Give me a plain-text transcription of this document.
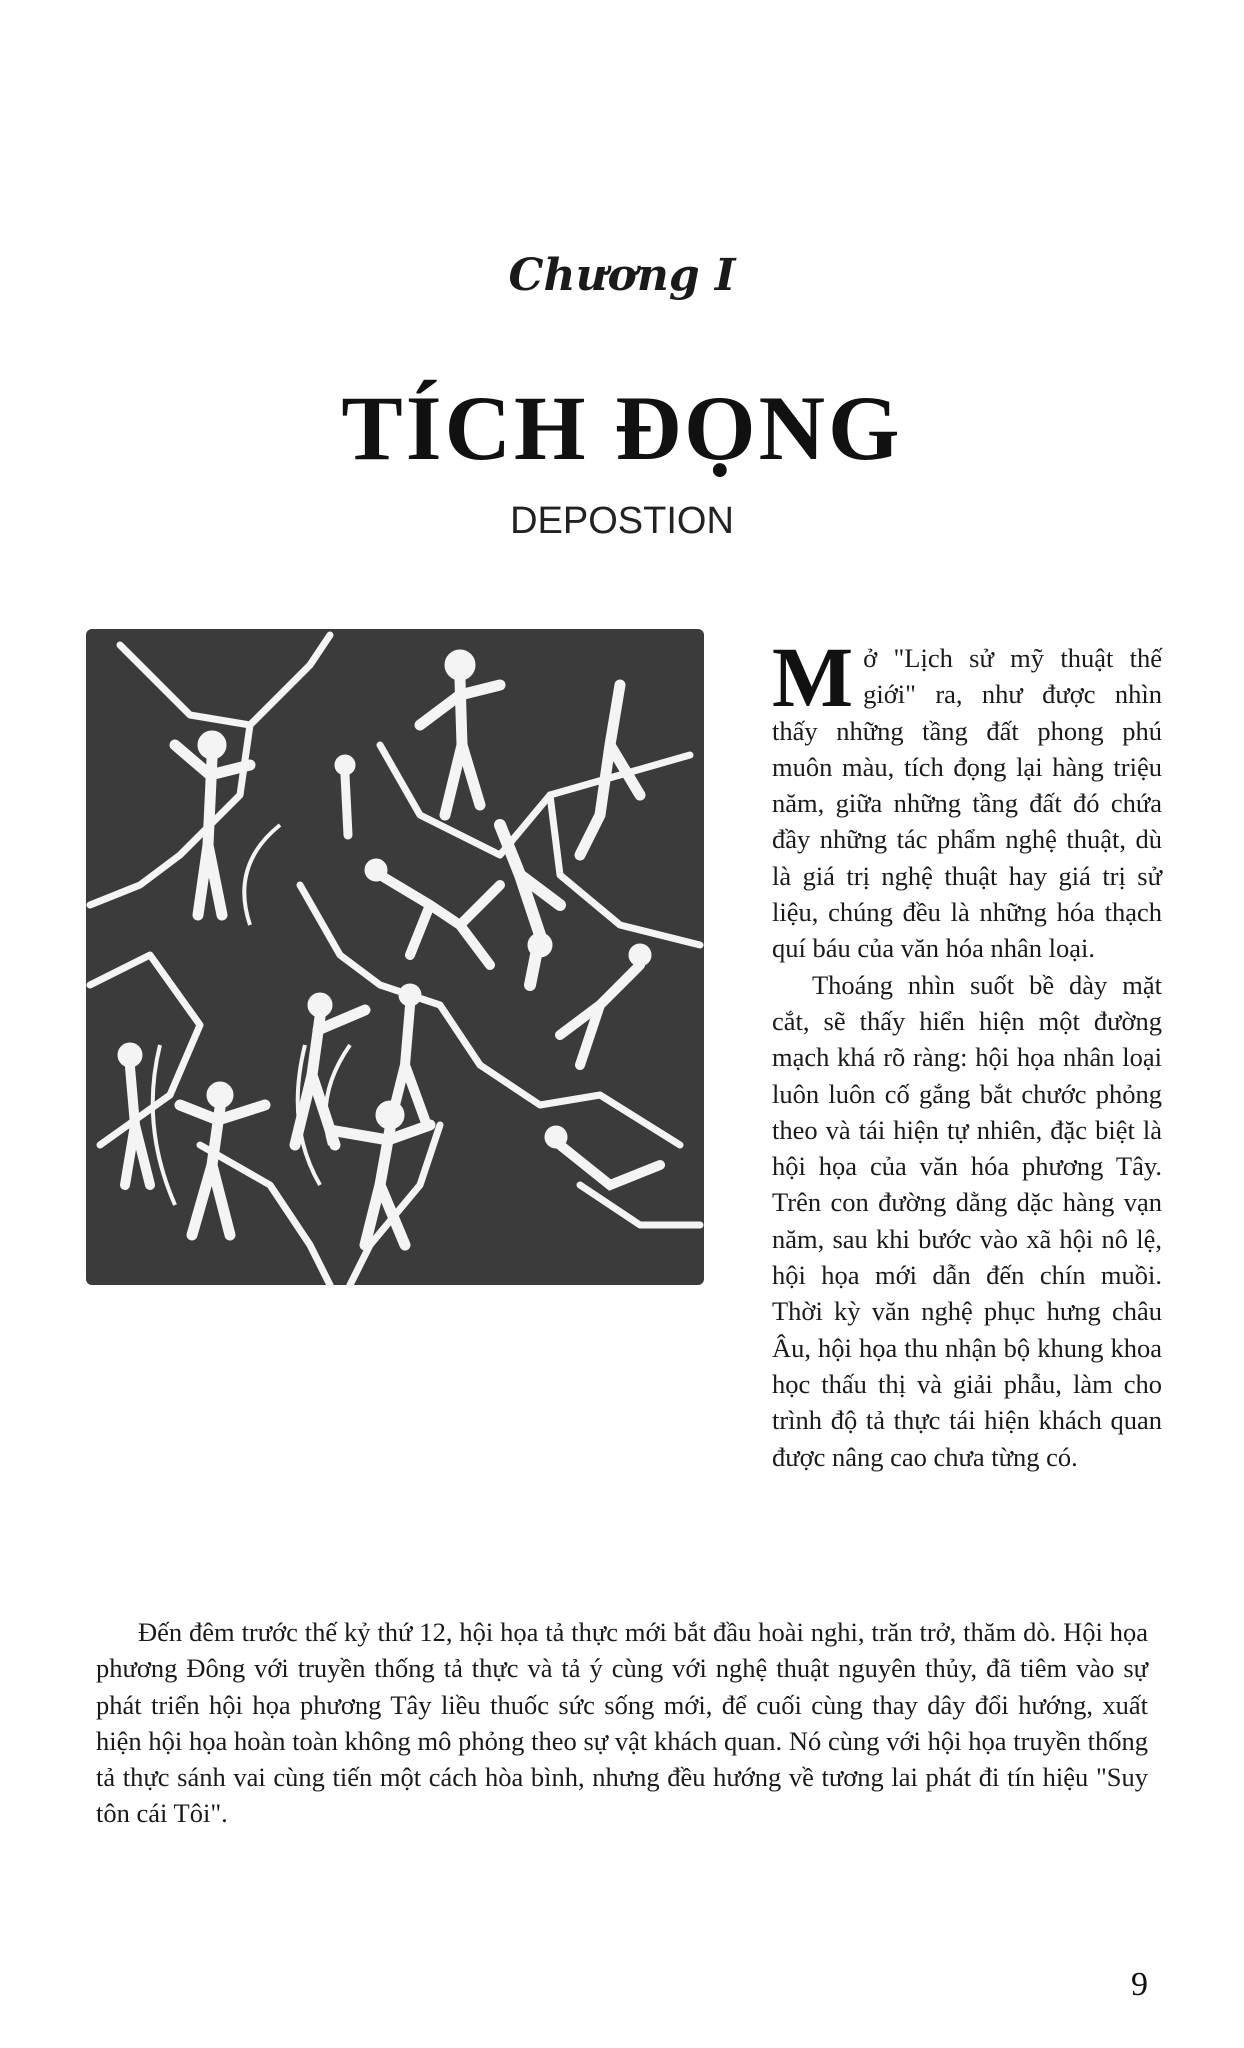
Chương I
TÍCH ĐỌNG
DEPOSTION

Mở "Lịch sử mỹ thuật thế giới" ra, như được nhìn thấy những tầng đất phong phú muôn màu, tích đọng lại hàng triệu năm, giữa những tầng đất đó chứa đầy những tác phẩm nghệ thuật, dù là giá trị nghệ thuật hay giá trị sử liệu, chúng đều là những hóa thạch quí báu của văn hóa nhân loại.

Thoáng nhìn suốt bề dày mặt cắt, sẽ thấy hiển hiện một đường mạch khá rõ ràng: hội họa nhân loại luôn luôn cố gắng bắt chước phỏng theo và tái hiện tự nhiên, đặc biệt là hội họa của văn hóa phương Tây. Trên con đường dằng dặc hàng vạn năm, sau khi bước vào xã hội nô lệ, hội họa mới dẫn đến chín muồi. Thời kỳ văn nghệ phục hưng châu Âu, hội họa thu nhận bộ khung khoa học thấu thị và giải phẫu, làm cho trình độ tả thực tái hiện khách quan được nâng cao chưa từng có.

Đến đêm trước thế kỷ thứ 12, hội họa tả thực mới bắt đầu hoài nghi, trăn trở, thăm dò. Hội họa phương Đông với truyền thống tả thực và tả ý cùng với nghệ thuật nguyên thủy, đã tiêm vào sự phát triển hội họa phương Tây liều thuốc sức sống mới, để cuối cùng thay dây đổi hướng, xuất hiện hội họa hoàn toàn không mô phỏng theo sự vật khách quan. Nó cùng với hội họa truyền thống tả thực sánh vai cùng tiến một cách hòa bình, nhưng đều hướng về tương lai phát đi tín hiệu "Suy tôn cái Tôi".

9
